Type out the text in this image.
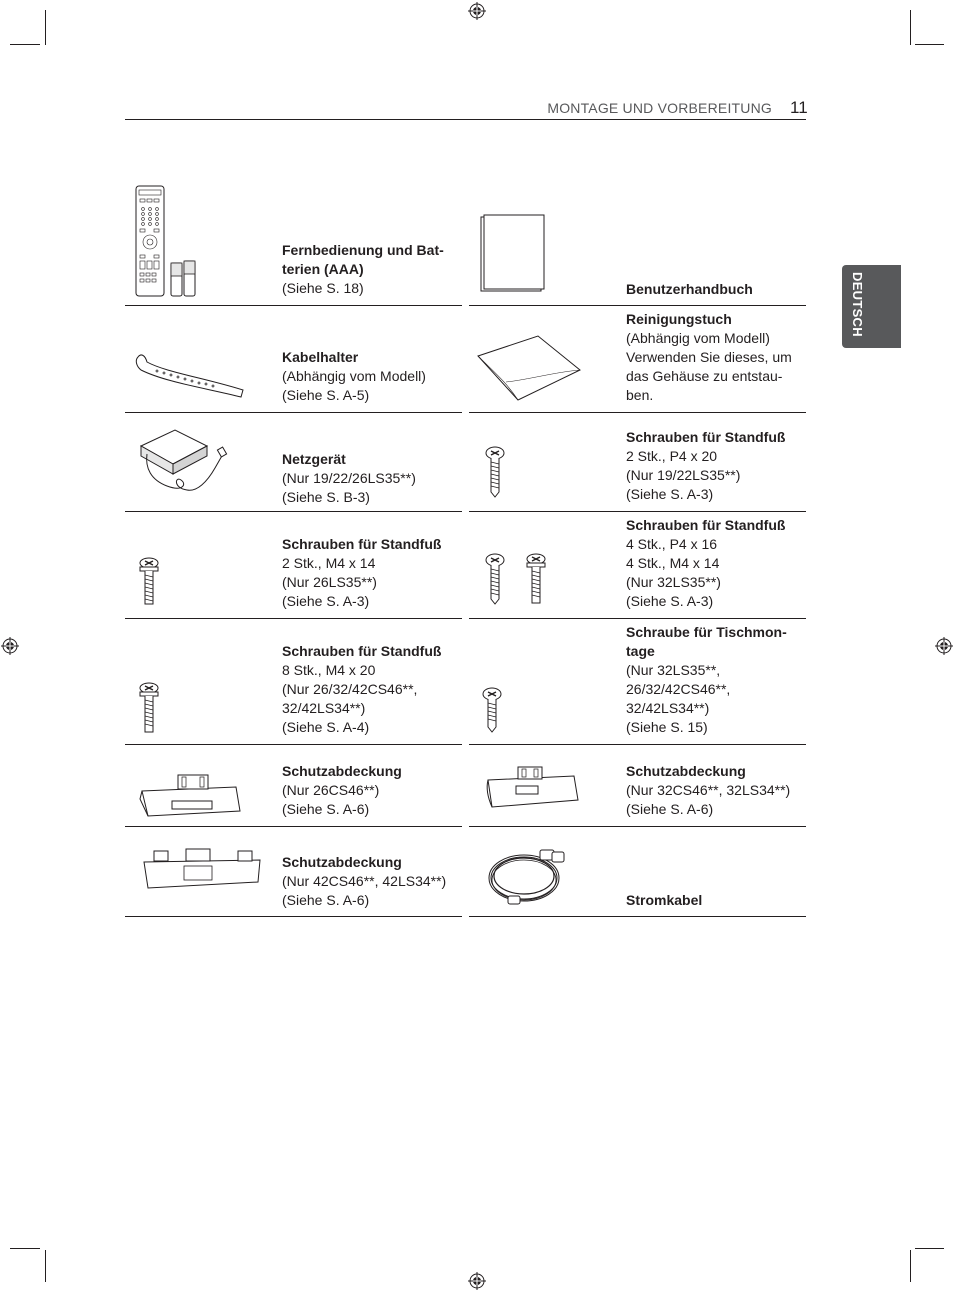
MONTAGE UND VORBEREITUNG 11
DEUTSCH
Fernbedienung und Bat-
terien (AAA)
(Siehe S. 18)	Benutzerhandbuch
Kabelhalter
(Abhängig vom Modell)
(Siehe S. A-5)
Reinigungstuch
(Abhängig vom Modell)
Verwenden Sie dieses, um
das Gehäuse zu entstau-
ben.
Netzgerät
(Nur 19/22/26LS35**)
(Siehe S. B-3)
Schrauben für Standfuß
2 Stk., P4 x 20
(Nur 19/22LS35**)
(Siehe S. A-3)
Schrauben für Standfuß
2 Stk., M4 x 14
(Nur 26LS35**)
(Siehe S. A-3)
Schrauben für Standfuß
4 Stk., P4 x 16
4 Stk., M4 x 14
(Nur 32LS35**)
(Siehe S. A-3)
Schrauben für Standfuß
8 Stk., M4 x 20
(Nur 26/32/42CS46**,
32/42LS34**)
(Siehe S. A-4)
Schraube für Tischmon-
tage
(Nur 32LS35**,
26/32/42CS46**,
32/42LS34**)
(Siehe S. 15)
Schutzabdeckung
(Nur 26CS46**)
(Siehe S. A-6)
Schutzabdeckung
(Nur 32CS46**, 32LS34**)
(Siehe S. A-6)
Schutzabdeckung
(Nur 42CS46**, 42LS34**)
(Siehe S. A-6)	Stromkabel
